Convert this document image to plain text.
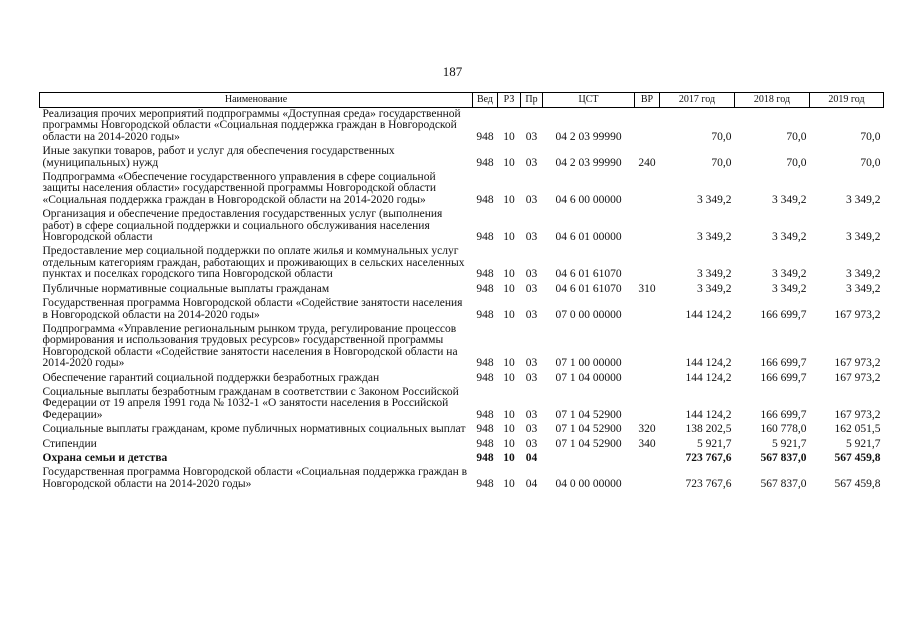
187
Наименование	Вед	РЗ	Пр	ЦСТ	ВР	2017 год	2018 год	2019 год
Реализация прочих мероприятий подпрограммы «Доступная среда» государственной программы Новгородской области «Социальная поддержка граждан в Новгородской области на 2014-2020 годы»	948	10	03	04 2 03 99990		70,0	70,0	70,0
Иные закупки товаров, работ и услуг для обеспечения государственных (муниципальных) нужд	948	10	03	04 2 03 99990	240	70,0	70,0	70,0
Подпрограмма «Обеспечение государственного управления в сфере социальной защиты населения области» государственной программы Новгородской области «Социальная поддержка граждан в Новгородской области на 2014-2020 годы»	948	10	03	04 6 00 00000		3 349,2	3 349,2	3 349,2
Организация и обеспечение предоставления государственных услуг (выполнения работ) в сфере социальной поддержки и социального обслуживания населения Новгородской области	948	10	03	04 6 01 00000		3 349,2	3 349,2	3 349,2
Предоставление мер социальной поддержки по оплате жилья и коммунальных услуг отдельным категориям граждан, работающих и проживающих в сельских населенных пунктах и поселках городского типа Новгородской области	948	10	03	04 6 01 61070		3 349,2	3 349,2	3 349,2
Публичные нормативные социальные выплаты гражданам	948	10	03	04 6 01 61070	310	3 349,2	3 349,2	3 349,2
Государственная программа Новгородской области «Содействие занятости населения в Новгородской области на 2014-2020 годы»	948	10	03	07 0 00 00000		144 124,2	166 699,7	167 973,2
Подпрограмма «Управление региональным рынком труда, регулирование процессов формирования и использования трудовых ресурсов» государственной программы Новгородской области «Содействие занятости населения в Новгородской области на 2014-2020 годы»	948	10	03	07 1 00 00000		144 124,2	166 699,7	167 973,2
Обеспечение гарантий социальной поддержки безработных граждан	948	10	03	07 1 04 00000		144 124,2	166 699,7	167 973,2
Социальные выплаты безработным гражданам в соответствии с Законом Российской Федерации от 19 апреля 1991 года № 1032-1 «О занятости населения в Российской Федерации»	948	10	03	07 1 04 52900		144 124,2	166 699,7	167 973,2
Социальные выплаты гражданам, кроме публичных нормативных социальных выплат	948	10	03	07 1 04 52900	320	138 202,5	160 778,0	162 051,5
Стипендии	948	10	03	07 1 04 52900	340	5 921,7	5 921,7	5 921,7
Охрана семьи и детства	948	10	04			723 767,6	567 837,0	567 459,8
Государственная программа Новгородской области «Социальная поддержка граждан в Новгородской области на 2014-2020 годы»	948	10	04	04 0 00 00000		723 767,6	567 837,0	567 459,8
